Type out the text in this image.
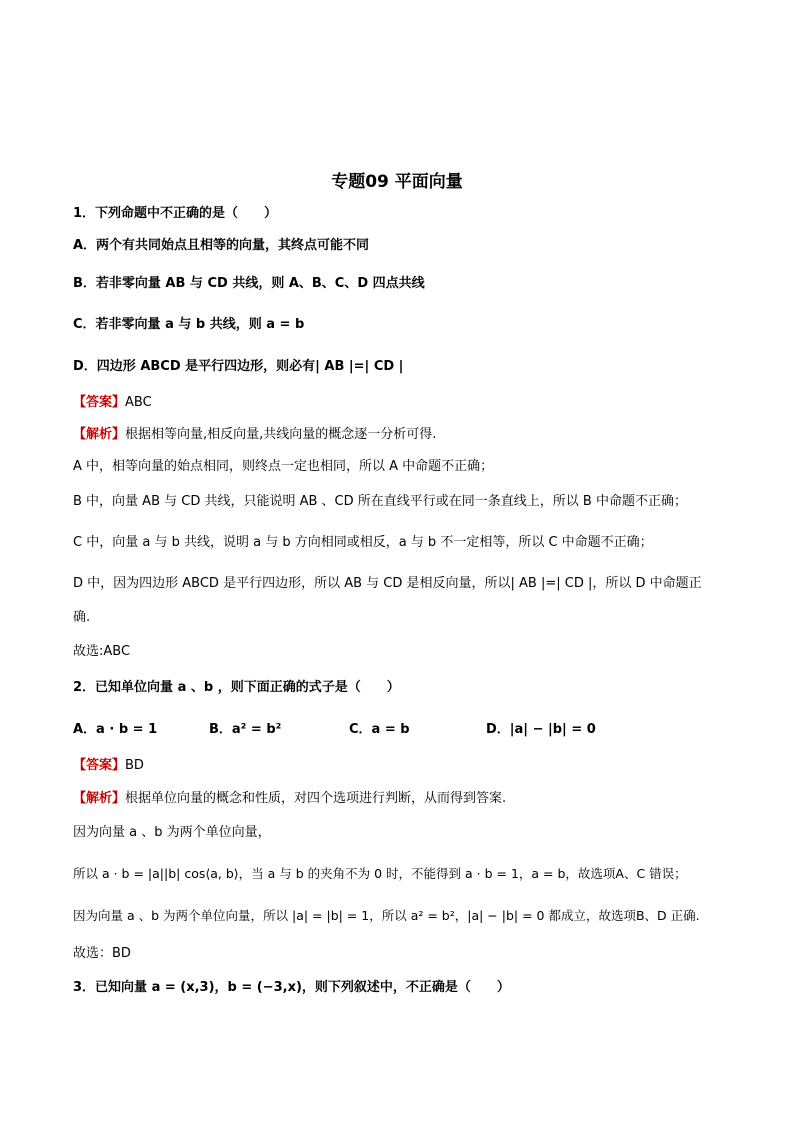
专题09 平面向量
1．下列命题中不正确的是（　　）
A．两个有共同始点且相等的向量，其终点可能不同
B．若非零向量 AB 与 CD 共线，则 A、B、C、D 四点共线
C．若非零向量 a 与 b 共线，则 a = b
D．四边形 ABCD 是平行四边形，则必有| AB |=| CD |
【答案】ABC
【解析】根据相等向量,相反向量,共线向量的概念逐一分析可得.
A 中，相等向量的始点相同，则终点一定也相同，所以 A 中命题不正确；
B 中，向量 AB 与 CD 共线，只能说明 AB 、CD 所在直线平行或在同一条直线上，所以 B 中命题不正确；
C 中，向量 a 与 b 共线，说明 a 与 b 方向相同或相反，a 与 b 不一定相等，所以 C 中命题不正确；
D 中，因为四边形 ABCD 是平行四边形，所以 AB 与 CD 是相反向量，所以| AB |=| CD |，所以 D 中命题正
确.
故选:ABC
2．已知单位向量 a 、b ，则下面正确的式子是（　　）
A．a · b = 1	B．a² = b²	C．a = b	D．|a| − |b| = 0
【答案】BD
【解析】根据单位向量的概念和性质，对四个选项进行判断，从而得到答案.
因为向量 a 、b 为两个单位向量，
所以 a · b = |a||b| cos⟨a, b⟩，当 a 与 b 的夹角不为 0 时，不能得到 a · b = 1，a = b，故选项A、C 错误；
因为向量 a 、b 为两个单位向量，所以 |a| = |b| = 1，所以 a² = b²，|a| − |b| = 0 都成立，故选项B、D 正确.
故选：BD
3．已知向量 a = (x,3)，b = (−3,x)，则下列叙述中，不正确是（　　）
